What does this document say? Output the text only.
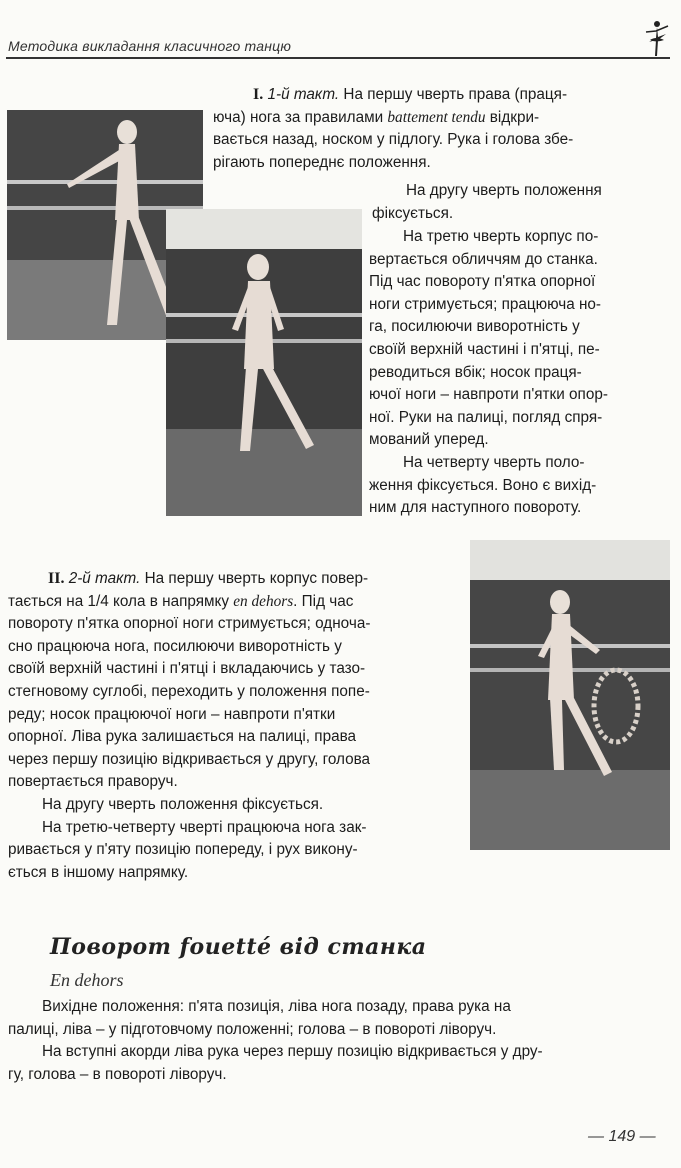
Методика викладання класичного танцю

I. 1-й такт. На першу чверть права (праця-

юча) нога за правилами battement tendu відкри-

вається назад, носком у підлогу. Рука і голова збе-

рігають попереднє положення.

На другу чверть положення

фіксується.

На третю чверть корпус по-

вертається обличчям до станка.

Під час повороту п'ятка опорної

ноги стримується; працююча но-

га, посилюючи виворотність у

своїй верхній частині і п'ятці, пе-

реводиться вбік; носок праця-

ючої ноги – навпроти п'ятки опор-

ної. Руки на палиці, погляд спря-

мований уперед.

На четверту чверть поло-

ження фіксується. Воно є вихід-

ним для наступного повороту.

II. 2-й такт. На першу чверть корпус повер-

тається на 1/4 кола в напрямку en dehors. Під час

повороту п'ятка опорної ноги стримується; одноча-

сно працююча нога, посилюючи виворотність у

своїй верхній частині і п'ятці і вкладаючись у тазо-

стегновому суглобі, переходить у положення попе-

реду; носок працюючої ноги – навпроти п'ятки

опорної. Ліва рука залишається на палиці, права

через першу позицію відкривається у другу, голова

повертається праворуч.

На другу чверть положення фіксується.

На третю-четверту чверті працююча нога зак-

ривається у п'яту позицію попереду, і рух викону-

ється в іншому напрямку.

Поворот fouetté від станка
En dehors

Вихідне положення: п'ята позиція, ліва нога позаду, права рука на

палиці, ліва – у підготовчому положенні; голова – в повороті ліворуч.

На вступні акорди ліва рука через першу позицію відкривається у дру-

гу, голова – в повороті ліворуч.

— 149 —
